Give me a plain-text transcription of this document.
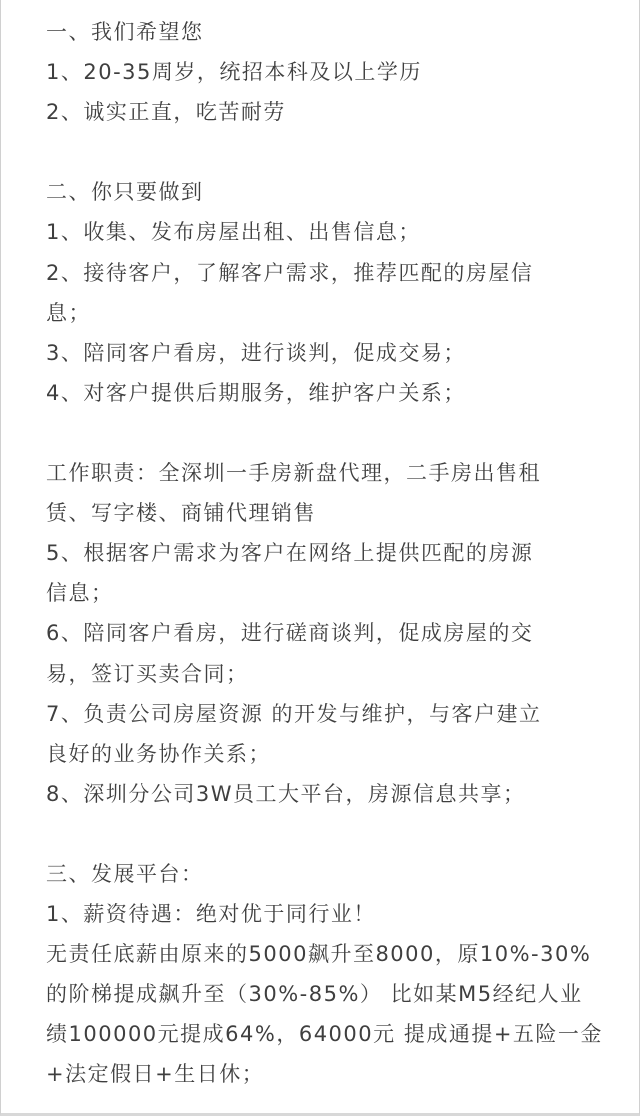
一、我们希望您
1、20-35周岁，统招本科及以上学历
2、诚实正直，吃苦耐劳
二、你只要做到
1、收集、发布房屋出租、出售信息；
2、接待客户，了解客户需求，推荐匹配的房屋信
息；
3、陪同客户看房，进行谈判，促成交易；
4、对客户提供后期服务，维护客户关系；
工作职责：全深圳一手房新盘代理，二手房出售租
赁、写字楼、商铺代理销售
5、根据客户需求为客户在网络上提供匹配的房源
信息；
6、陪同客户看房，进行磋商谈判，促成房屋的交
易，签订买卖合同；
7、负责公司房屋资源 的开发与维护，与客户建立
良好的业务协作关系；
8、深圳分公司3W员工大平台，房源信息共享；
三、发展平台：
1、薪资待遇：绝对优于同行业！
无责任底薪由原来的5000飙升至8000，原10%-30%
的阶梯提成飙升至（30%-85%） 比如某M5经纪人业
绩100000元提成64%，64000元 提成通提+五险一金
+法定假日+生日休；
